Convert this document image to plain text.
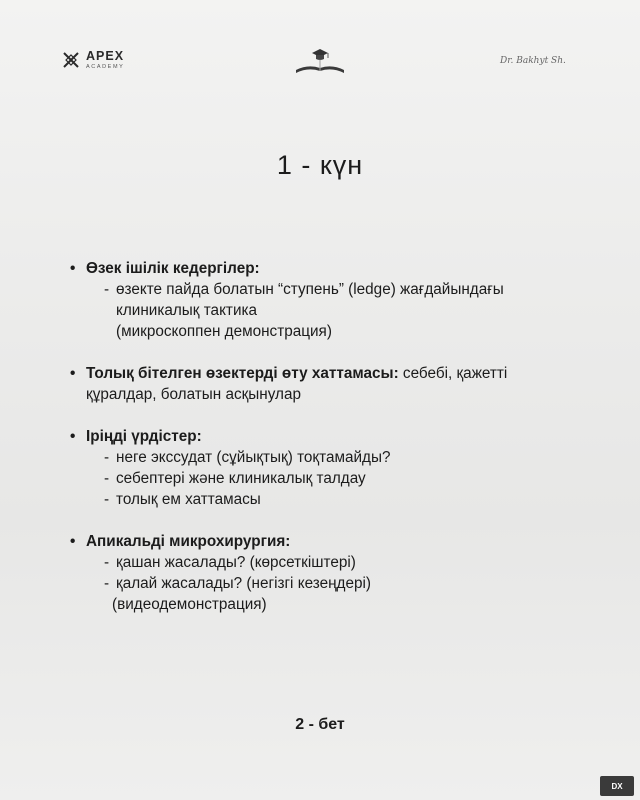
APEX
ACADEMY
Dr. Bakhyt Sh.
1 - күн
• Өзек ішілік кедергілер:
- өзекте пайда болатын “ступень” (ledge) жағдайындағы
клиникалық тактика
(микроскоппен демонстрация)
• Толық бітелген өзектерді өту хаттамасы: себебі, қажетті
құралдар, болатын асқынулар
• Іріңді үрдістер:
- неге экссудат (сұйықтық) тоқтамайды?
- себептері және клиникалық талдау
- толық ем хаттамасы
• Апикальді микрохирургия:
- қашан жасалады? (көрсеткіштері)
- қалай жасалады? (негізгі кезеңдері)
(видеодемонстрация)
2 - бет
DX
